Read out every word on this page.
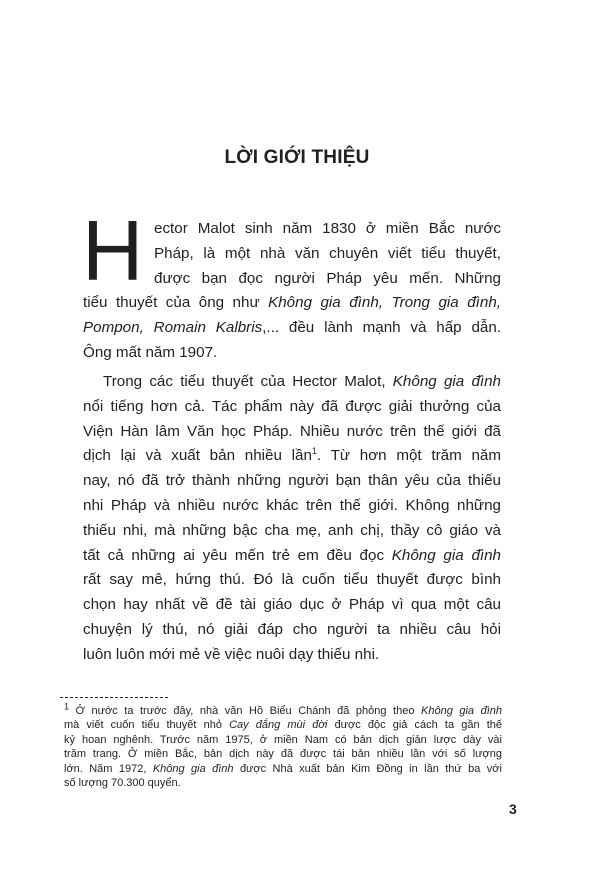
LỜI GIỚI THIỆU
H ector Malot sinh năm 1830 ở miền Bắc nước
Pháp, là một nhà văn chuyên viết tiểu thuyết,
được bạn đọc người Pháp yêu mến. Những
tiểu thuyết của ông như Không gia đình, Trong gia đình,
Pompon, Romain Kalbris,... đều lành mạnh và hấp dẫn.
Ông mất năm 1907.
Trong các tiểu thuyết của Hector Malot, Không gia đình
nổi tiếng hơn cả. Tác phẩm này đã được giải thưởng của
Viện Hàn lâm Văn học Pháp. Nhiều nước trên thế giới đã
dịch lại và xuất bản nhiều lần$^1$. Từ hơn một trăm năm
nay, nó đã trở thành những người bạn thân yêu của thiếu
nhi Pháp và nhiều nước khác trên thế giới. Không những
thiếu nhi, mà những bậc cha mẹ, anh chị, thầy cô giáo và
tất cả những ai yêu mến trẻ em đều đọc Không gia đình
rất say mê, hứng thú. Đó là cuốn tiểu thuyết được bình
chọn hay nhất về đề tài giáo dục ở Pháp vì qua một câu
chuyện lý thú, nó giải đáp cho người ta nhiều câu hỏi
luôn luôn mới mẻ về việc nuôi dạy thiếu nhi.
$^1$ Ở nước ta trước đây, nhà văn Hồ Biểu Chánh đã phỏng theo Không gia đình
mà viết cuốn tiểu thuyết nhỏ Cay đắng mùi đời được độc giả cách ta gần thế
kỷ hoan nghênh. Trước năm 1975, ở miền Nam có bản dịch giản lược dày vài
trăm trang. Ở miền Bắc, bản dịch này đã được tái bản nhiều lần với số lượng
lớn. Năm 1972, Không gia đình được Nhà xuất bản Kim Đồng in lần thứ ba với
số lượng 70.300 quyển.
3
